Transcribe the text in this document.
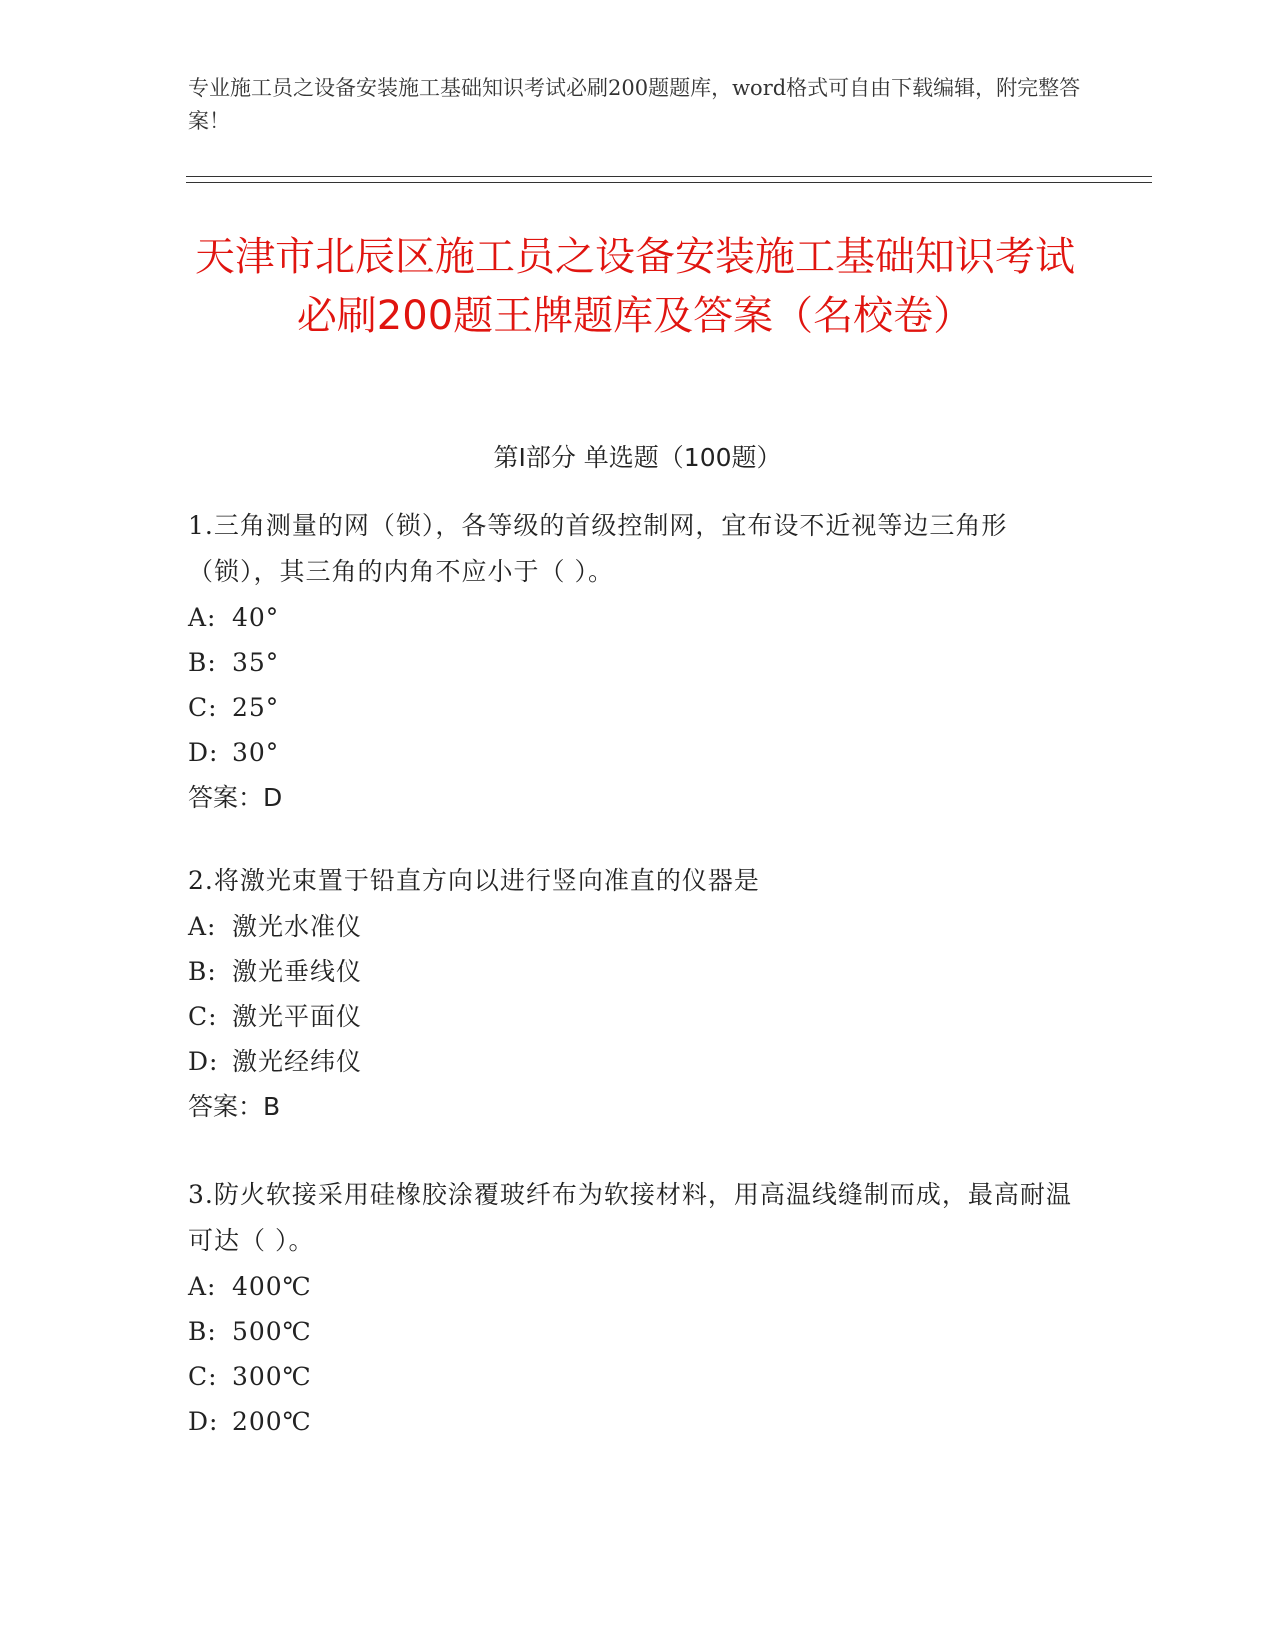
专业施工员之设备安装施工基础知识考试必刷200题题库，word格式可自由下载编辑，附完整答案！
天津市北辰区施工员之设备安装施工基础知识考试必刷200题王牌题库及答案（名校卷）
第I部分 单选题（100题）
1.三角测量的网（锁），各等级的首级控制网，宜布设不近视等边三角形（锁），其三角的内角不应小于（ ）。
A: 40°
B: 35°
C: 25°
D: 30°
答案：D
2.将激光束置于铅直方向以进行竖向准直的仪器是
A: 激光水准仪
B: 激光垂线仪
C: 激光平面仪
D: 激光经纬仪
答案：B
3.防火软接采用硅橡胶涂覆玻纤布为软接材料，用高温线缝制而成，最高耐温可达（ ）。
A: 400℃
B: 500℃
C: 300℃
D: 200℃
